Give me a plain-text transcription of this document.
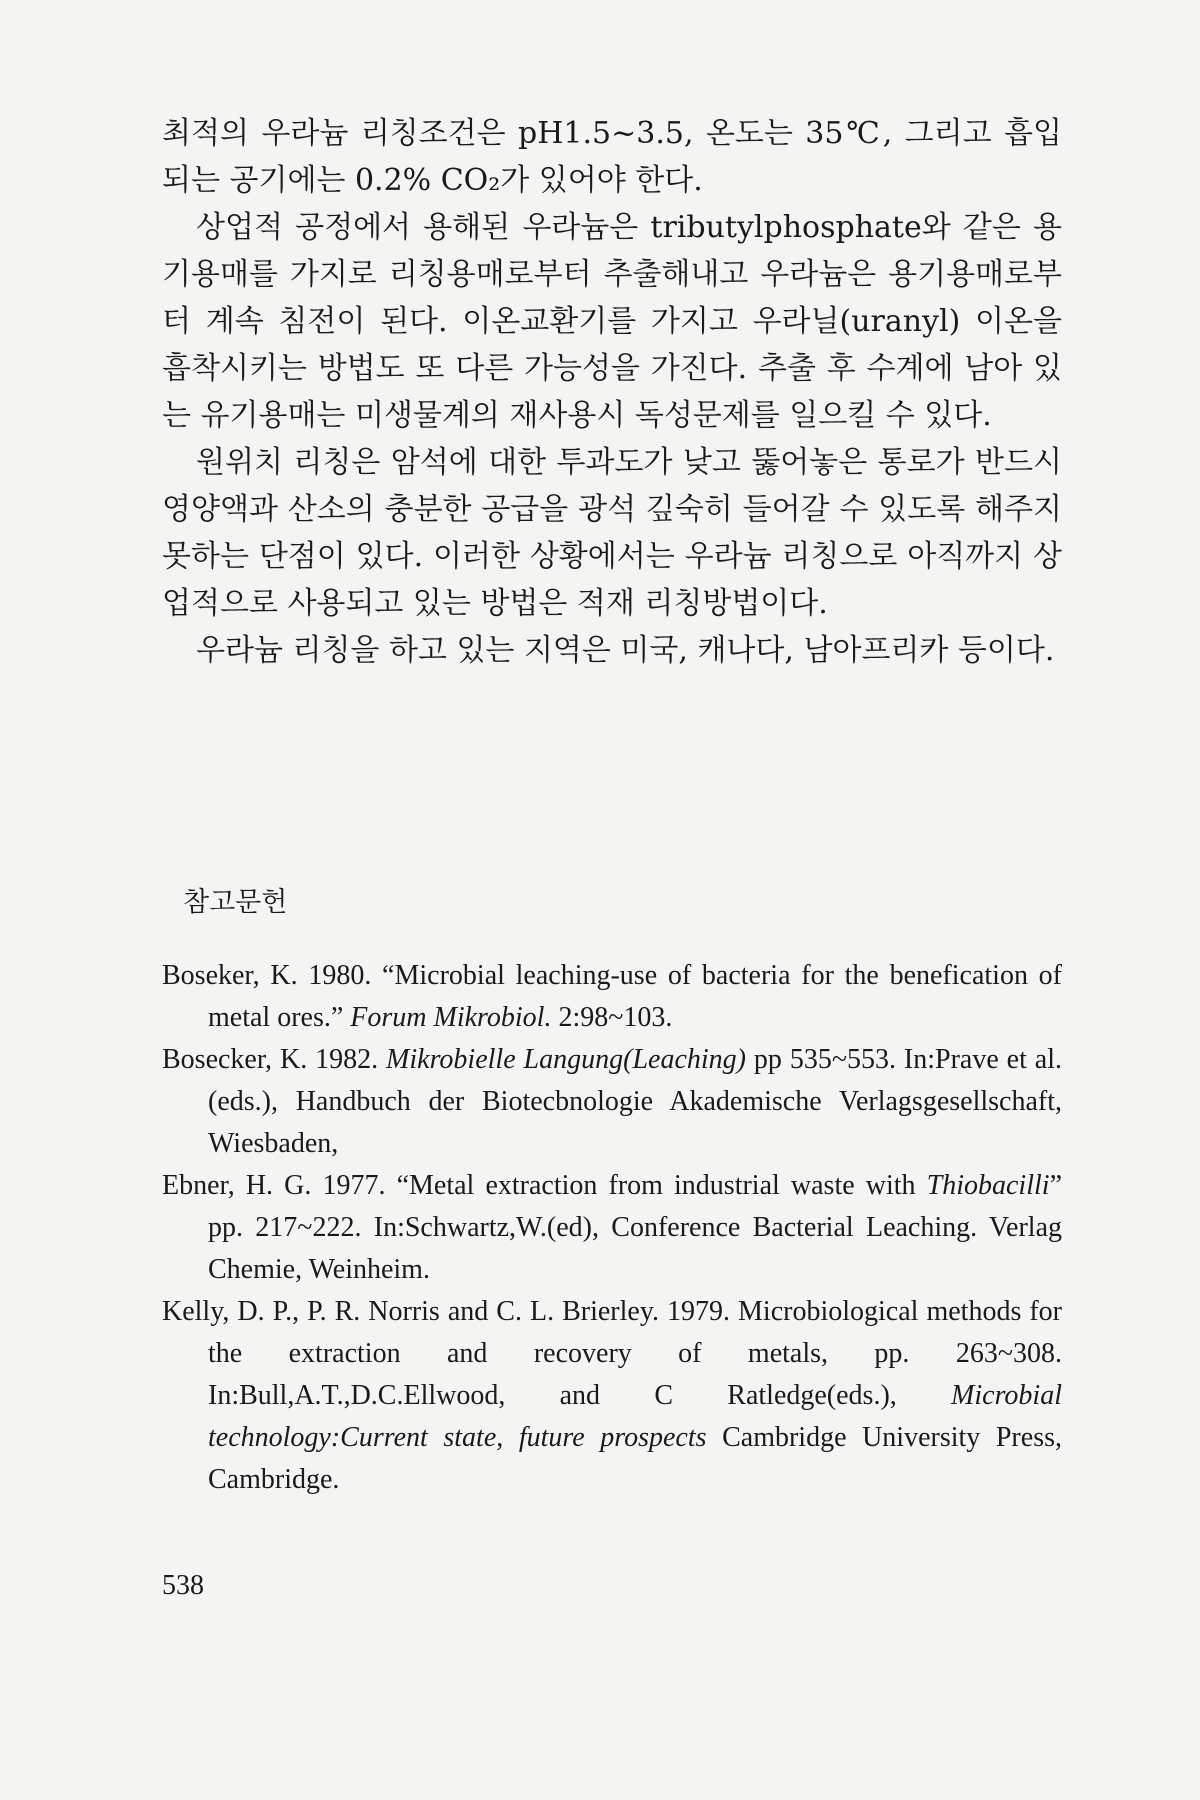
최적의 우라늄 리칭조건은 pH1.5~3.5, 온도는 35℃, 그리고 흡입되는 공기에는 0.2% CO₂가 있어야 한다.

상업적 공정에서 용해된 우라늄은 tributylphosphate와 같은 용기용매를 가지로 리칭용매로부터 추출해내고 우라늄은 용기용매로부터 계속 침전이 된다. 이온교환기를 가지고 우라닐(uranyl) 이온을 흡착시키는 방법도 또 다른 가능성을 가진다. 추출 후 수계에 남아 있는 유기용매는 미생물계의 재사용시 독성문제를 일으킬 수 있다.

원위치 리칭은 암석에 대한 투과도가 낮고 뚫어놓은 통로가 반드시 영양액과 산소의 충분한 공급을 광석 깊숙히 들어갈 수 있도록 해주지 못하는 단점이 있다. 이러한 상황에서는 우라늄 리칭으로 아직까지 상업적으로 사용되고 있는 방법은 적재 리칭방법이다.

우라늄 리칭을 하고 있는 지역은 미국, 캐나다, 남아프리카 등이다.

참고문헌
Boseker, K. 1980. “Microbial leaching-use of bacteria for the benefication of metal ores.” Forum Mikrobiol. 2:98~103.
Bosecker, K. 1982. Mikrobielle Langung(Leaching) pp 535~553. In:Prave et al.(eds.), Handbuch der Biotecbnologie Akademische Verlagsgesellschaft, Wiesbaden,
Ebner, H. G. 1977. “Metal extraction from industrial waste with Thiobacilli” pp. 217~222. In:Schwartz,W.(ed), Conference Bacterial Leaching. Verlag Chemie, Weinheim.
Kelly, D. P., P. R. Norris and C. L. Brierley. 1979. Microbiological methods for the extraction and recovery of metals, pp. 263~308. In:Bull,A.T.,D.C.Ellwood, and C Ratledge(eds.), Microbial technology:Current state, future prospects Cambridge University Press, Cambridge.

538
